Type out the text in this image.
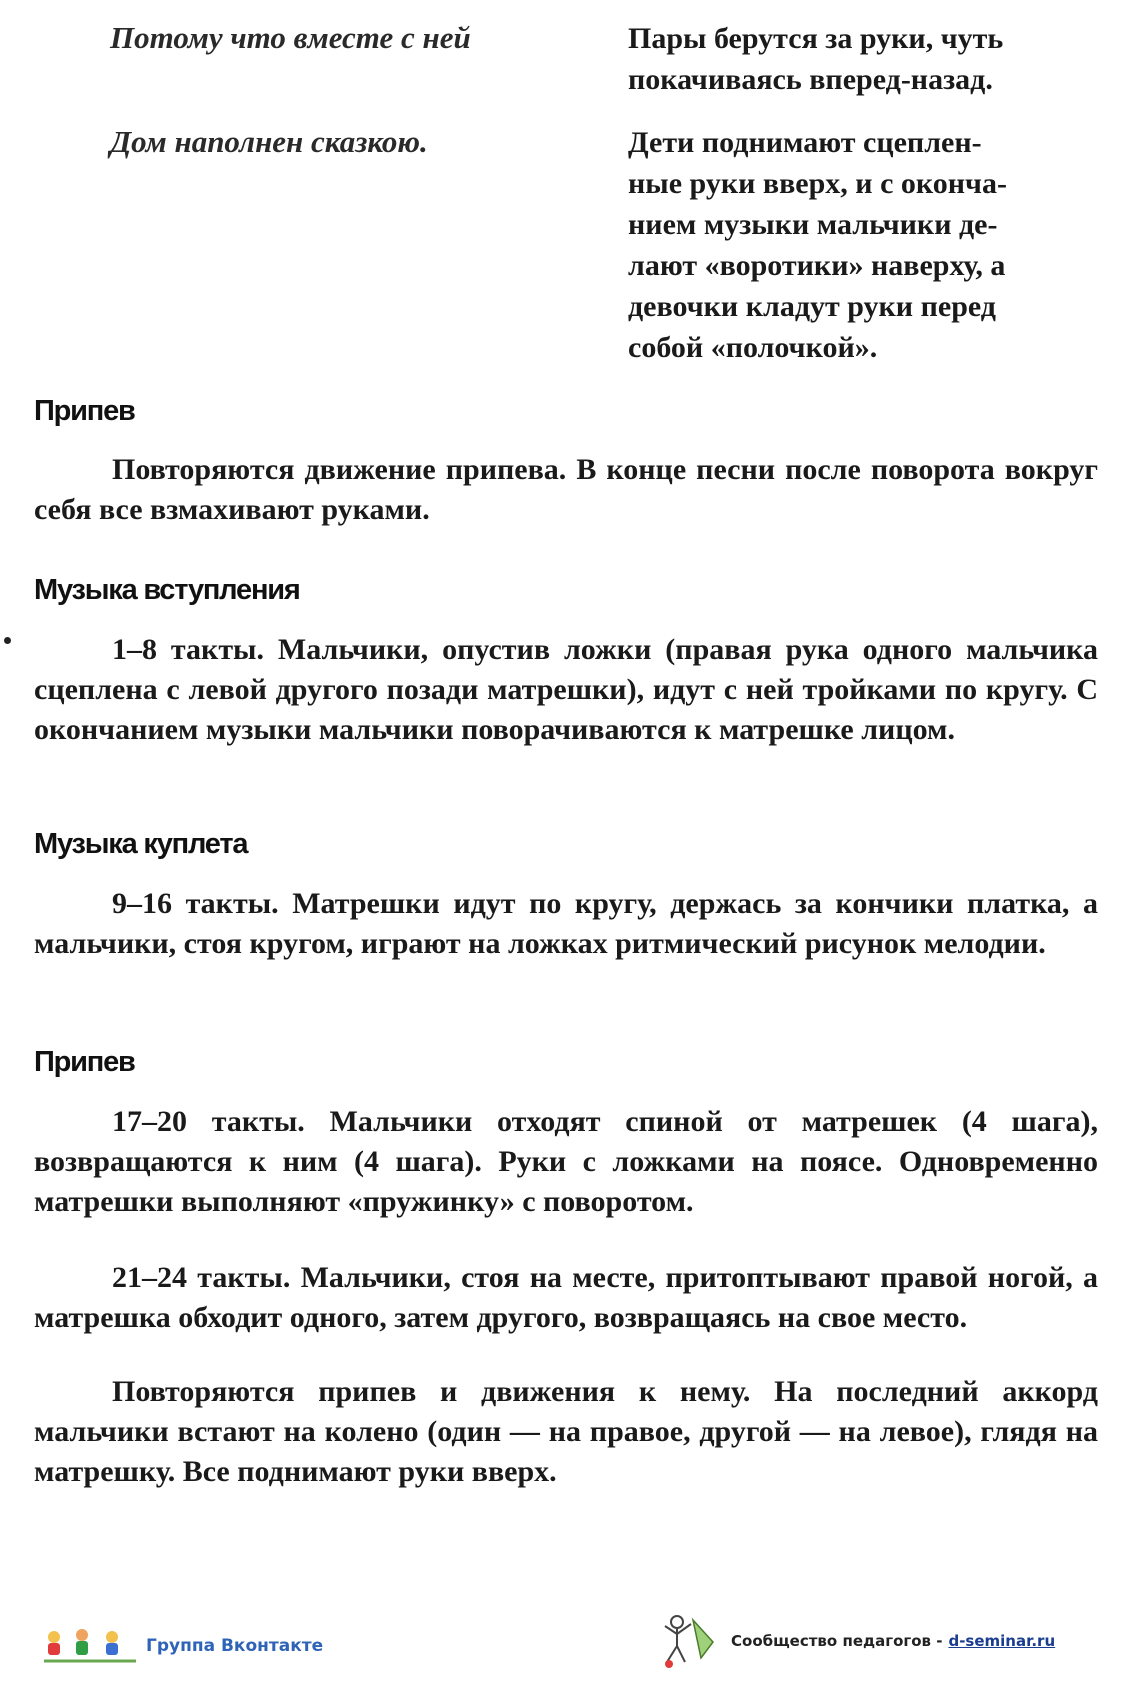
Потому что вместе с ней	Пары берутся за руки, чуть
покачиваясь вперед-назад.
Дом наполнен сказкою.	Дети поднимают сцеплен-
ные руки вверх, и с оконча-
нием музыки мальчики де-
лают «воротики» наверху, а
девочки кладут руки перед
собой «полочкой».
Припев
Повторяются движение припева. В конце песни после поворота вокруг себя все взмахивают руками.
Музыка вступления
1–8 такты. Мальчики, опустив ложки (правая рука одного мальчика сцеплена с левой другого позади матрешки), идут с ней тройками по кругу. С окончанием музыки мальчики поворачиваются к матрешке лицом.
Музыка куплета
9–16 такты. Матрешки идут по кругу, держась за кончики платка, а мальчики, стоя кругом, играют на ложках ритмический рисунок мелодии.
Припев
17–20 такты. Мальчики отходят спиной от матрешек (4 шага), возвращаются к ним (4 шага). Руки с ложками на поясе. Одновременно матрешки выполняют «пружинку» с поворотом.
21–24 такты. Мальчики, стоя на месте, притоптывают правой ногой, а матрешка обходит одного, затем другого, возвращаясь на свое место.
Повторяются припев и движения к нему. На последний аккорд мальчики встают на колено (один — на правое, другой — на левое), глядя на матрешку. Все поднимают руки вверх.
Группа Вконтакте	Сообщество педагогов - d-seminar.ru
